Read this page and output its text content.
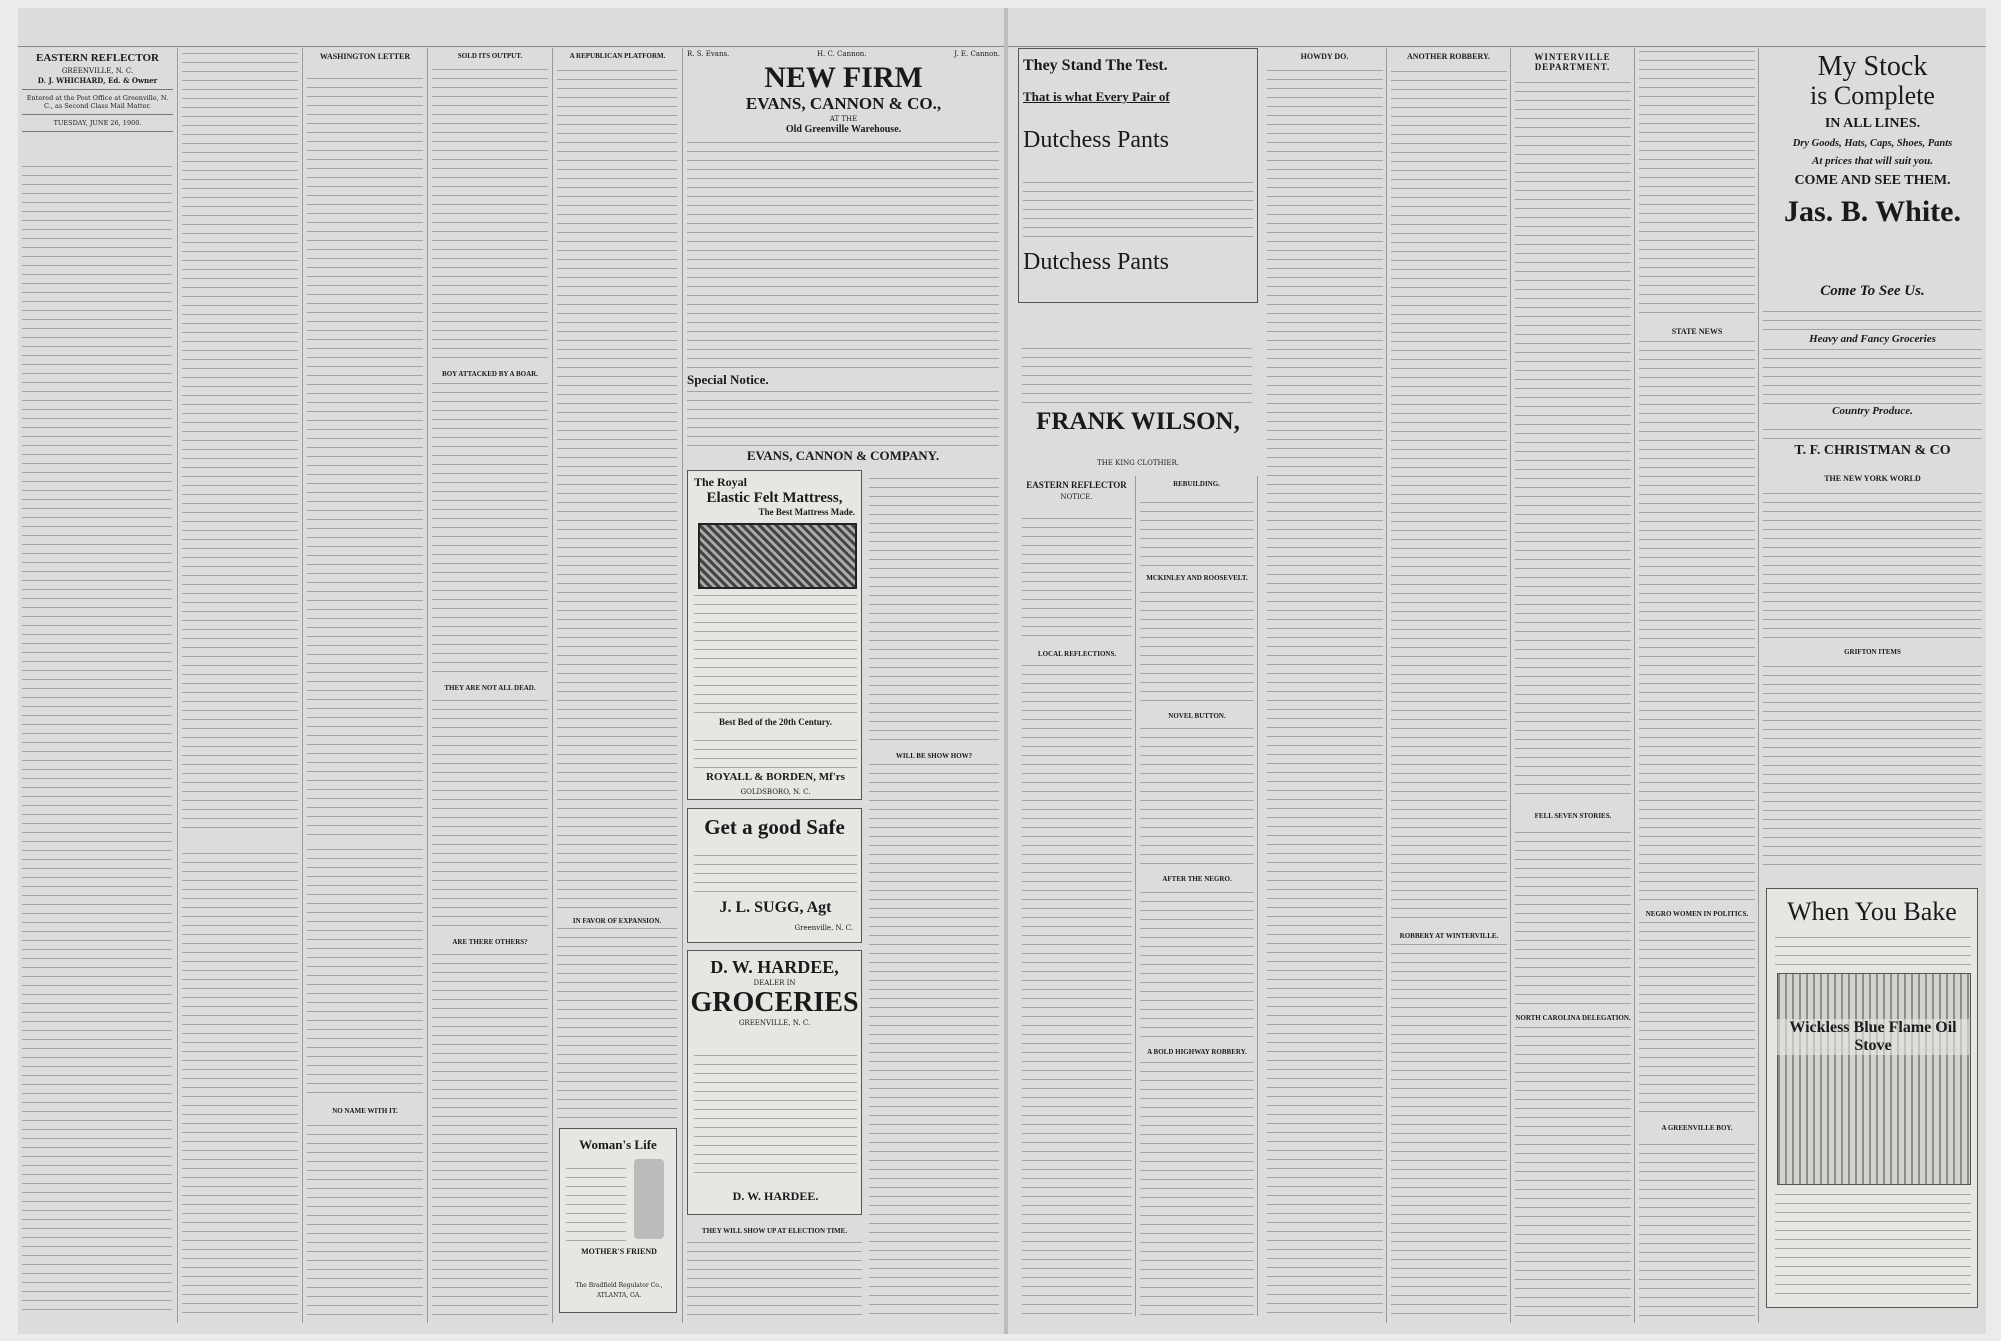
EASTERN REFLECTOR
GREENVILLE, N. C.
D. J. WHICHARD, Ed. & Owner
Entered at the Post Office at Greenville, N. C., as Second Class Mail Matter.
TUESDAY, JUNE 26, 1900.
WASHINGTON LETTER
NO NAME WITH IT.
SOLD ITS OUTPUT.
BOY ATTACKED BY A BOAR.
THEY ARE NOT ALL DEAD.
ARE THERE OTHERS?
A REPUBLICAN PLATFORM.
IN FAVOR OF EXPANSION.
Woman's Life
MOTHER'S FRIEND
The Bradfield Regulator Co.,
ATLANTA, GA.
R. S. Evans.	H. C. Cannon.	J. E. Cannon.
NEW FIRM
EVANS, CANNON & CO.,
AT THE
Old Greenville Warehouse.
Special Notice.
EVANS, CANNON & COMPANY.
The Royal
Elastic Felt Mattress,
The Best Mattress Made.
Best Bed of the 20th Century.
ROYALL & BORDEN, Mf'rs
GOLDSBORO, N. C.
WILL BE SHOW HOW?
Get a good Safe
J. L. SUGG, Agt
Greenville, N. C.
D. W. HARDEE,
DEALER IN
GROCERIES
GREENVILLE, N. C.
D. W. HARDEE.
THEY WILL SHOW UP AT ELECTION TIME.
They Stand The Test.
That is what Every Pair of
Dutchess Pants
Dutchess Pants
FRANK WILSON,
THE KING CLOTHIER.
EASTERN REFLECTOR
NOTICE.
LOCAL REFLECTIONS.
REBUILDING.
MCKINLEY AND ROOSEVELT.
NOVEL BUTTON.
AFTER THE NEGRO.
A BOLD HIGHWAY ROBBERY.
HOWDY DO.	ANOTHER ROBBERY.
ROBBERY AT WINTERVILLE.
WINTERVILLE DEPARTMENT.
FELL SEVEN STORIES.
NORTH CAROLINA DELEGATION.
STATE NEWS
NEGRO WOMEN IN POLITICS.
A GREENVILLE BOY.
My Stock
is Complete
IN ALL LINES.
Dry Goods, Hats, Caps, Shoes, Pants
At prices that will suit you.
COME AND SEE THEM.
Jas. B. White.
Come To See Us.
Heavy and Fancy Groceries
Country Produce.
T. F. CHRISTMAN & CO
THE NEW YORK WORLD
GRIFTON ITEMS
When You Bake
Wickless Blue Flame Oil Stove
